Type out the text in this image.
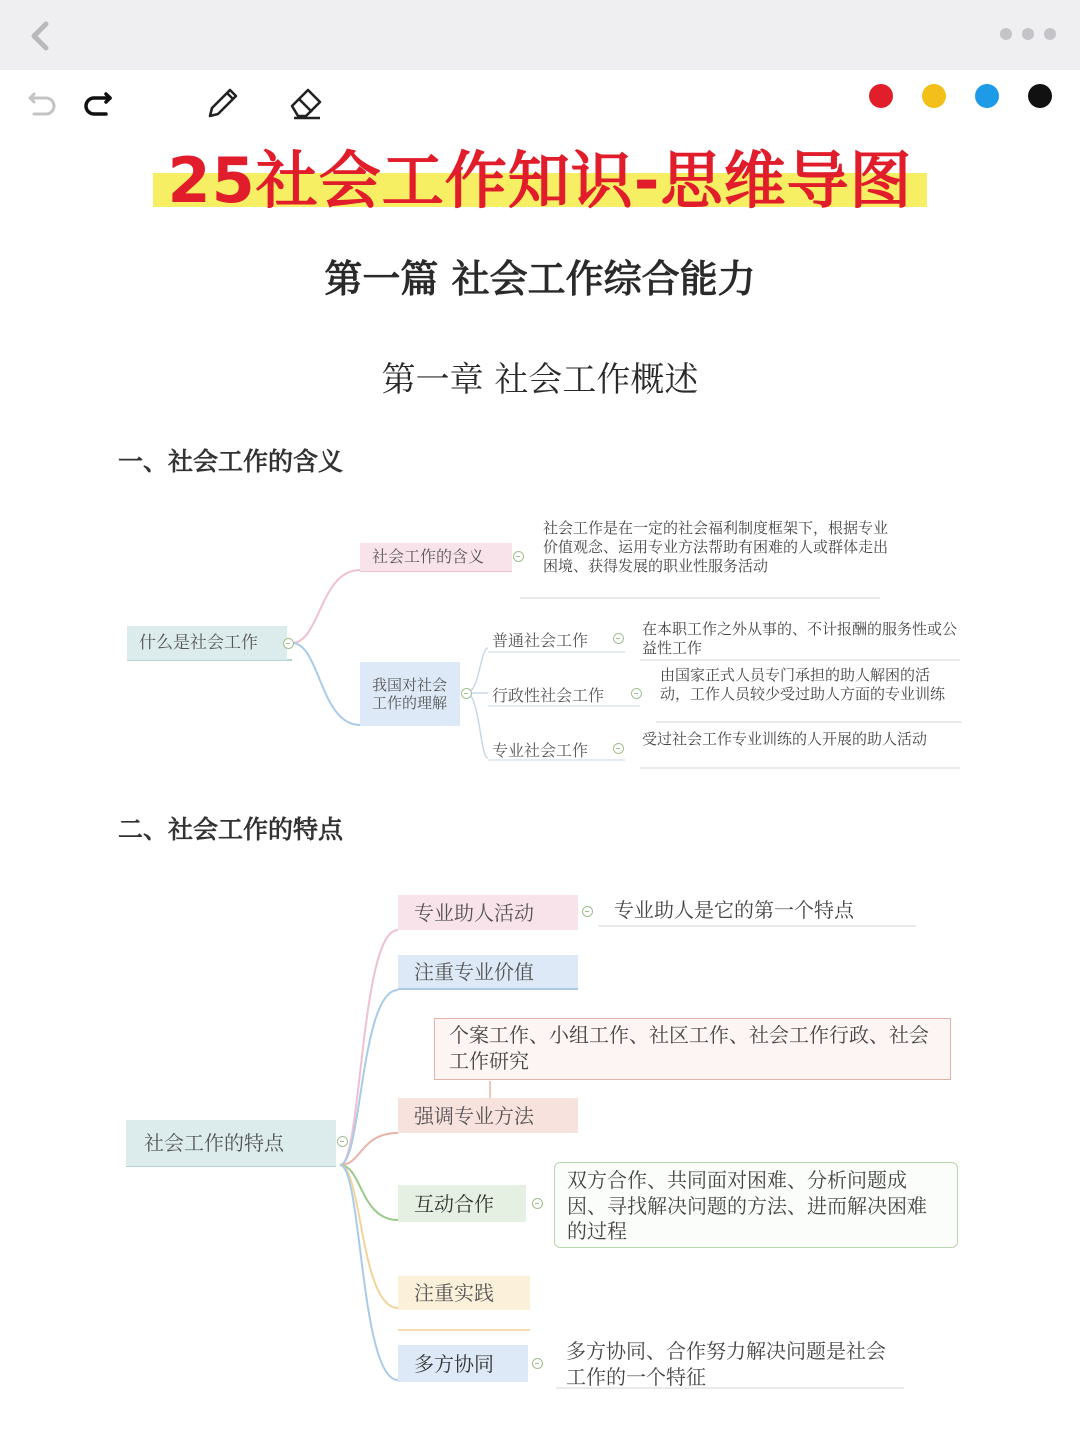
25社会工作知识-思维导图
第一篇 社会工作综合能力
第一章 社会工作概述
一、社会工作的含义
什么是社会工作
社会工作的含义
社会工作是在一定的社会福利制度框架下，根据专业价值观念、运用专业方法帮助有困难的人或群体走出困境、获得发展的职业性服务活动
我国对社会工作的理解
普通社会工作
在本职工作之外从事的、不计报酬的服务性或公益性工作
行政性社会工作
由国家正式人员专门承担的助人解困的活动，工作人员较少受过助人方面的专业训练
专业社会工作
受过社会工作专业训练的人开展的助人活动
二、社会工作的特点
社会工作的特点
专业助人活动	专业助人是它的第一个特点
注重专业价值
个案工作、小组工作、社区工作、社会工作行政、社会工作研究
强调专业方法
互动合作
双方合作、共同面对困难、分析问题成因、寻找解决问题的方法、进而解决困难的过程
注重实践
多方协同
多方协同、合作努力解决问题是社会工作的一个特征
